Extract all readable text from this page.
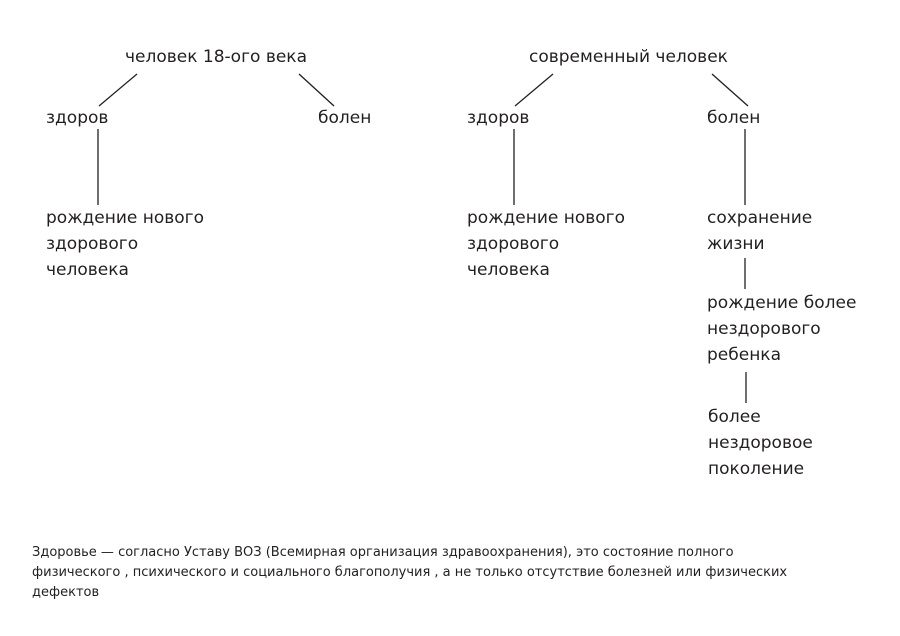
человек 18-ого века
здоров	болен
рождение нового
здорового
человека
современный человек
здоров	болен
рождение нового
здорового
человека
сохранение
жизни
рождение более
нездорового
ребенка
более
нездоровое
поколение
Здоровье — согласно Уставу ВОЗ (Всемирная организация здравоохранения), это состояние полного
физического , психического и социального благополучия , а не только отсутствие болезней или физических
дефектов
